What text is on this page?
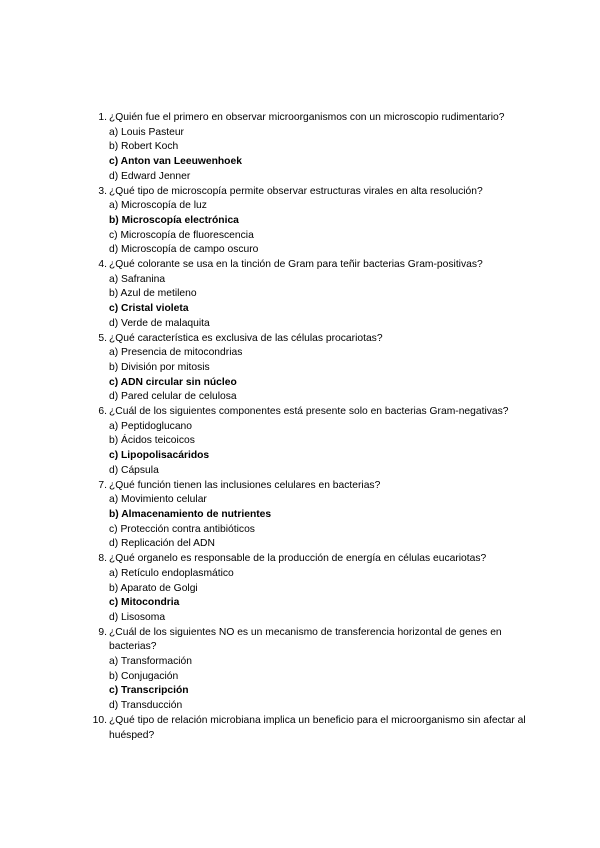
1. ¿Quién fue el primero en observar microorganismos con un microscopio rudimentario?
a) Louis Pasteur
b) Robert Koch
c) Anton van Leeuwenhoek
d) Edward Jenner
3. ¿Qué tipo de microscopía permite observar estructuras virales en alta resolución?
a) Microscopía de luz
b) Microscopía electrónica
c) Microscopía de fluorescencia
d) Microscopía de campo oscuro
4. ¿Qué colorante se usa en la tinción de Gram para teñir bacterias Gram-positivas?
a) Safranina
b) Azul de metileno
c) Cristal violeta
d) Verde de malaquita
5. ¿Qué característica es exclusiva de las células procariotas?
a) Presencia de mitocondrias
b) División por mitosis
c) ADN circular sin núcleo
d) Pared celular de celulosa
6. ¿Cuál de los siguientes componentes está presente solo en bacterias Gram-negativas?
a) Peptidoglucano
b) Ácidos teicoicos
c) Lipopolisacáridos
d) Cápsula
7. ¿Qué función tienen las inclusiones celulares en bacterias?
a) Movimiento celular
b) Almacenamiento de nutrientes
c) Protección contra antibióticos
d) Replicación del ADN
8. ¿Qué organelo es responsable de la producción de energía en células eucariotas?
a) Retículo endoplasmático
b) Aparato de Golgi
c) Mitocondria
d) Lisosoma
9. ¿Cuál de los siguientes NO es un mecanismo de transferencia horizontal de genes en bacterias?
a) Transformación
b) Conjugación
c) Transcripción
d) Transducción
10. ¿Qué tipo de relación microbiana implica un beneficio para el microorganismo sin afectar al huésped?
